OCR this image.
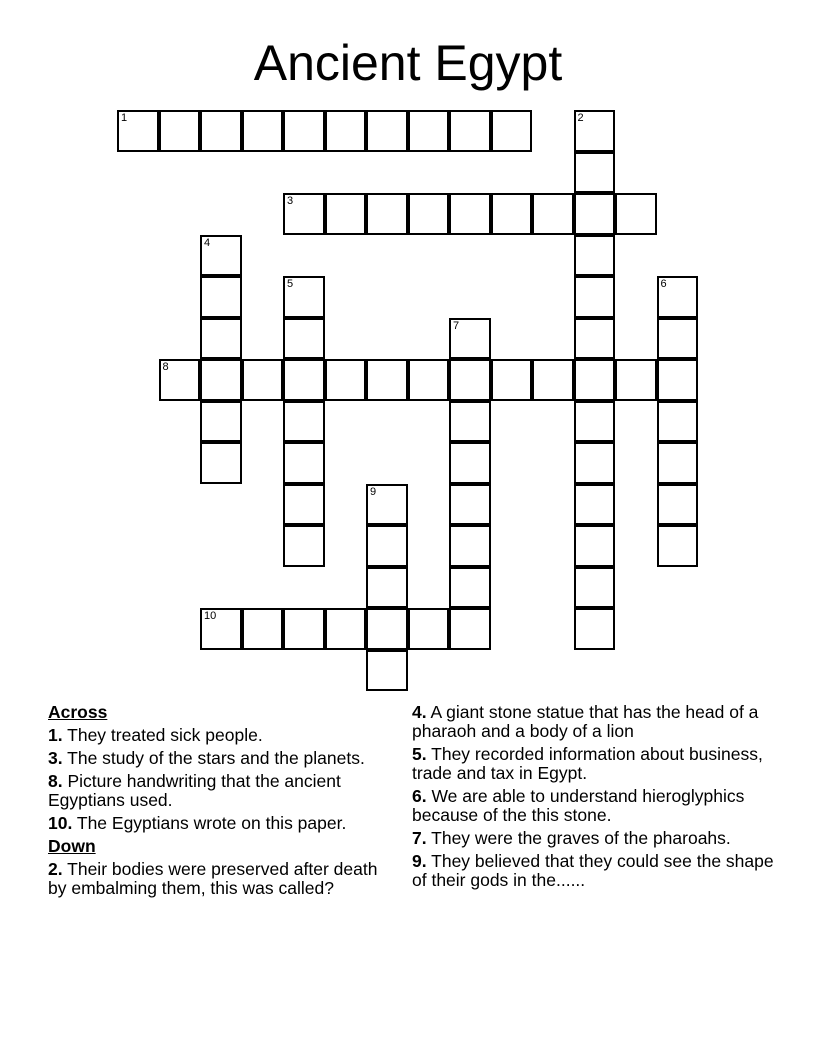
Ancient Egypt
1	2
3
4
5	6
7
8
9
10
Across
1. They treated sick people.
3. The study of the stars and the planets.
8. Picture handwriting that the ancient Egyptians used.
10. The Egyptians wrote on this paper.
Down
2. Their bodies were preserved after death by embalming them, this was called?
4. A giant stone statue that has the head of a pharaoh and a body of a lion
5. They recorded information about business, trade and tax in Egypt.
6. We are able to understand hieroglyphics because of the this stone.
7. They were the graves of the pharoahs.
9. They believed that they could see the shape of their gods in the......
